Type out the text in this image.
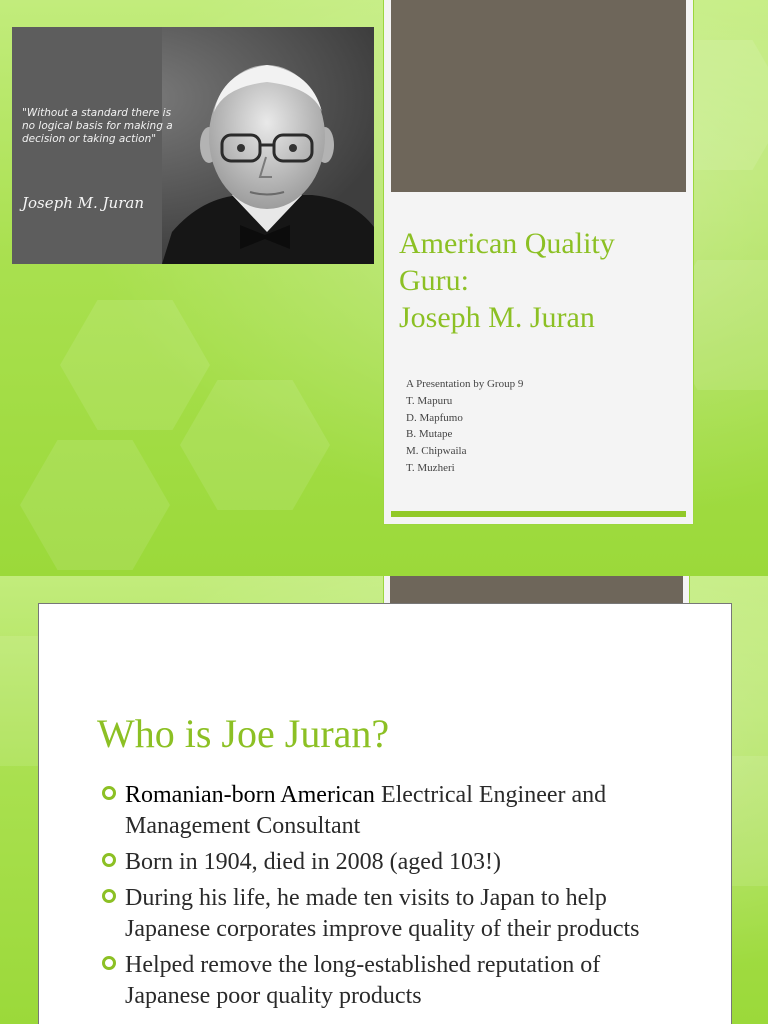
"Without a standard there is no logical basis for making a decision or taking action"

Joseph M. Juran

American Quality
Guru:
Joseph M. Juran

A Presentation by Group 9
T. Mapuru
D. Mapfumo
B. Mutape
M. Chipwaila
T. Muzheri

Who is Joe Juran?
Romanian-born American Electrical Engineer and Management Consultant
Born in 1904, died in 2008 (aged 103!)
During his life, he made ten visits to Japan to help Japanese corporates improve quality of their products
Helped remove the long-established reputation of Japanese poor quality products
